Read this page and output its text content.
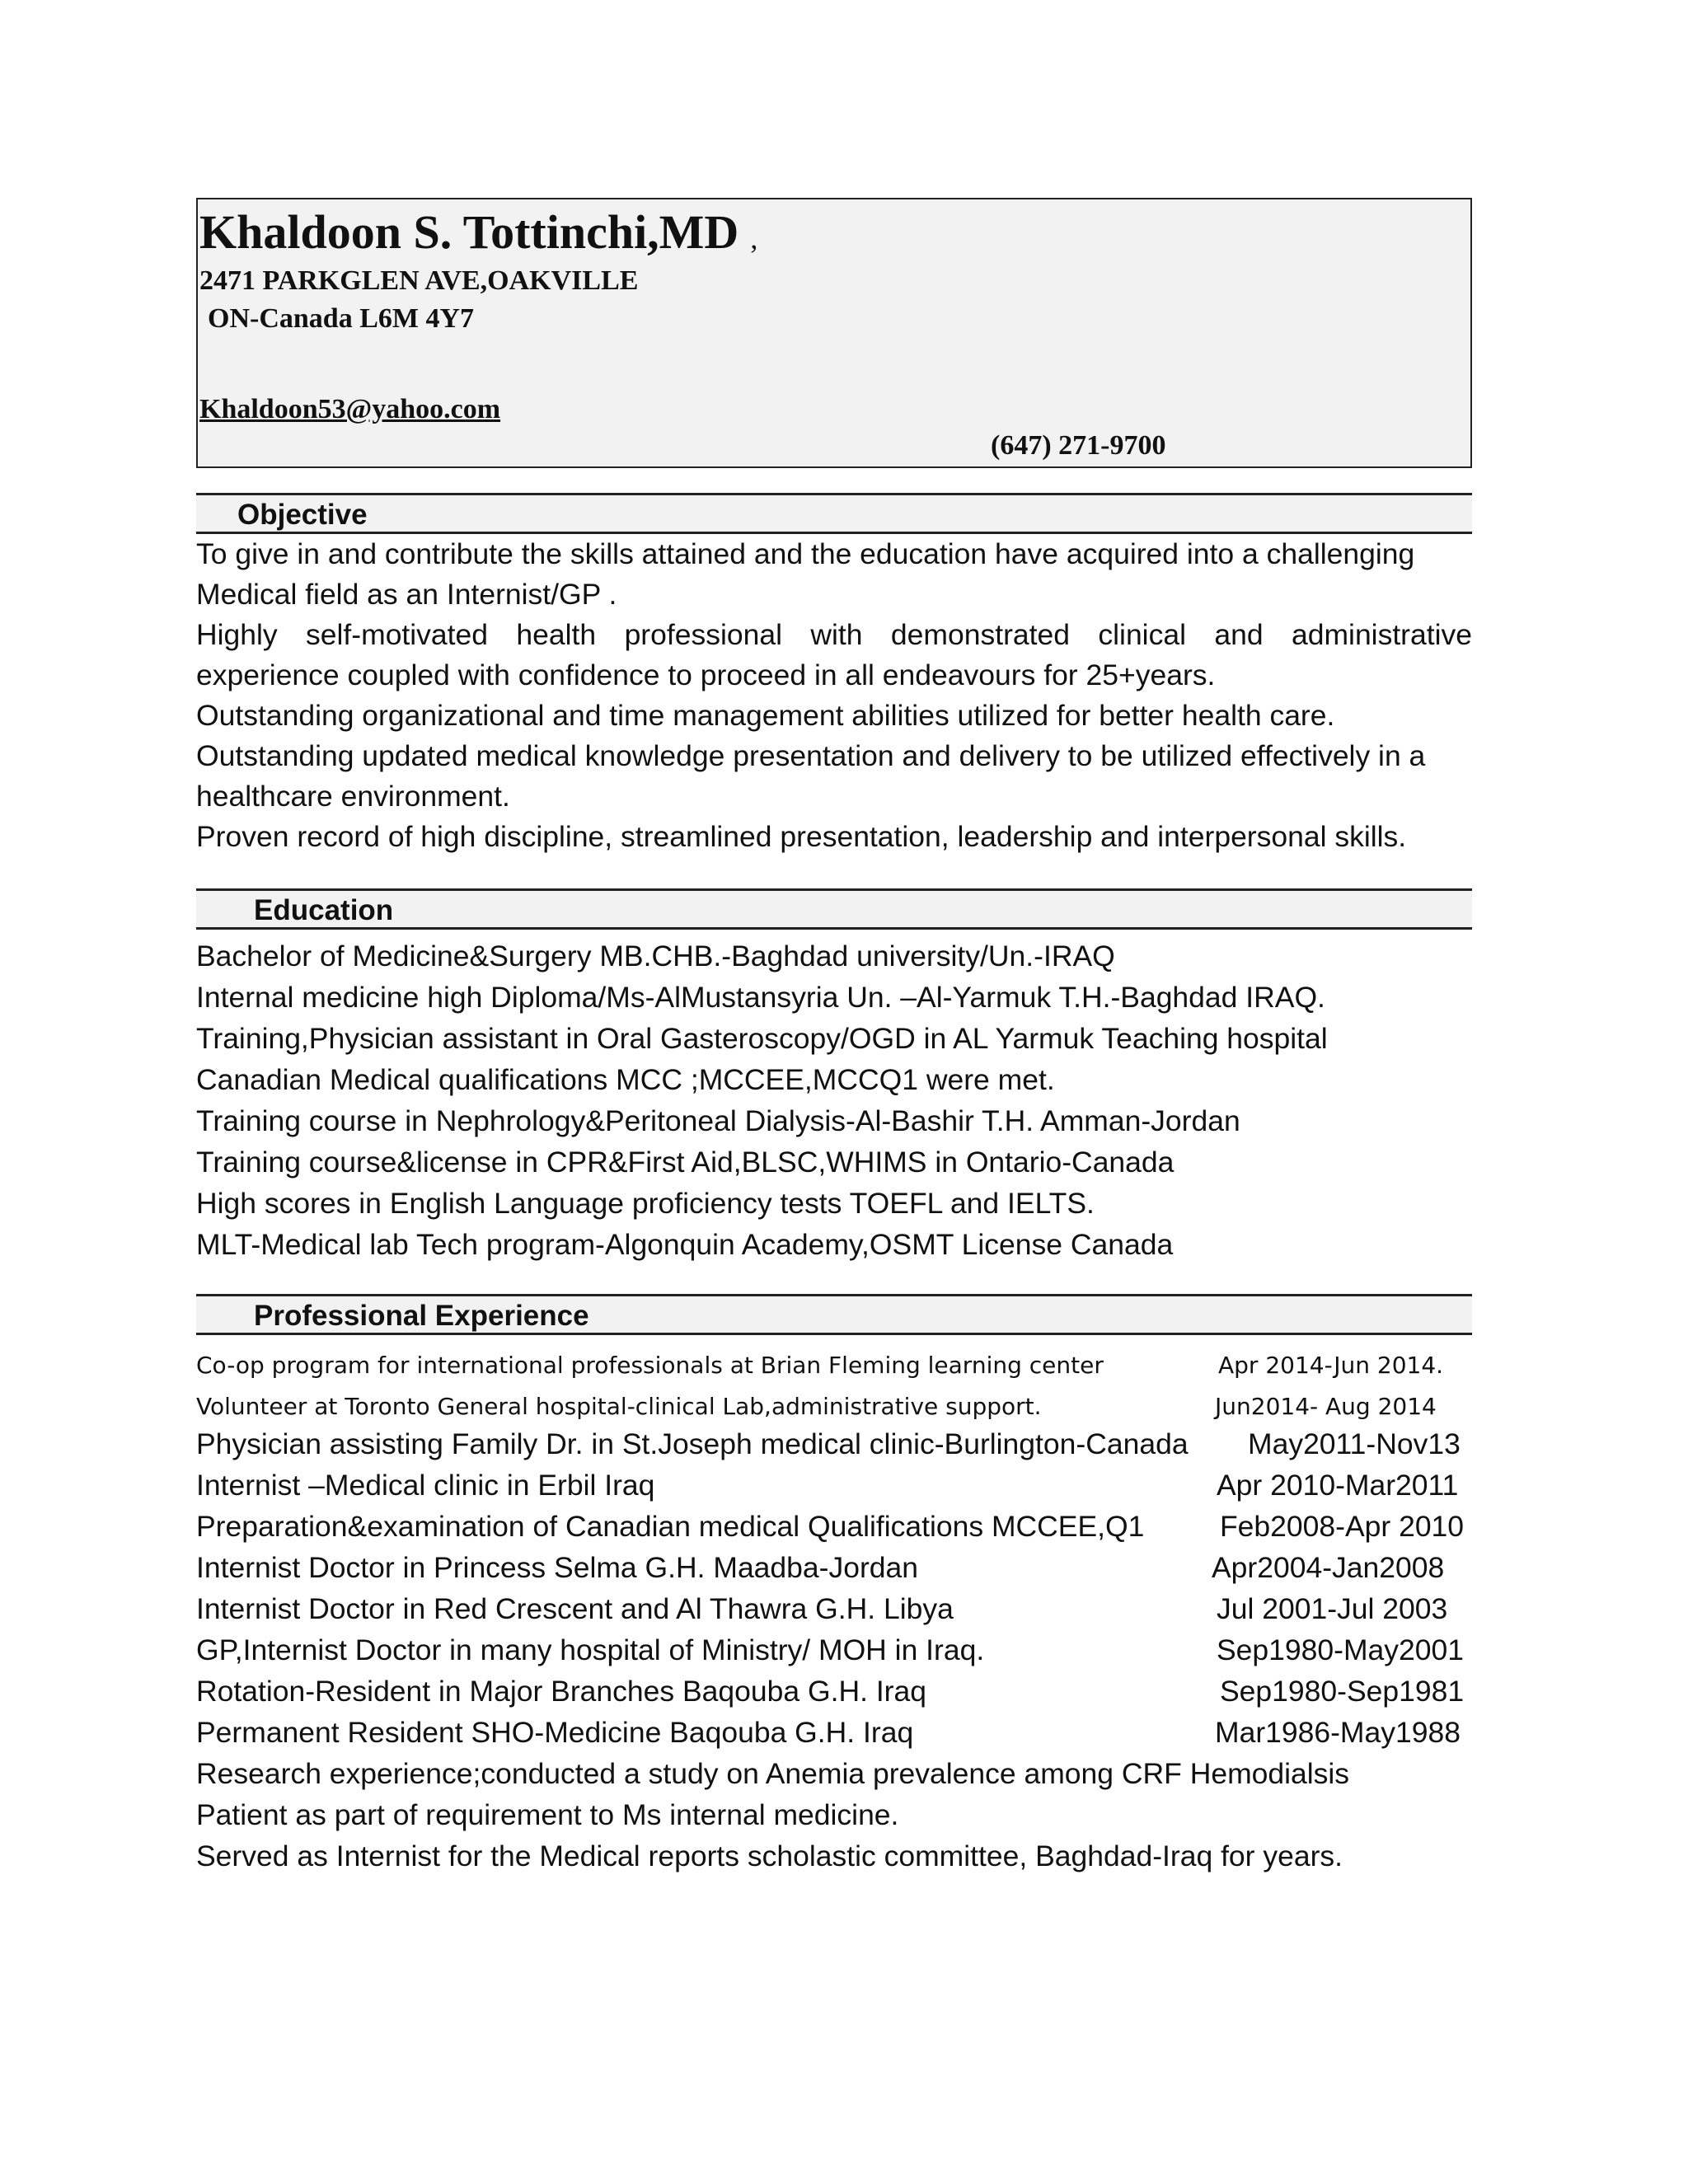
Khaldoon S. Tottinchi,MD ,
2471 PARKGLEN AVE,OAKVILLE
ON-Canada L6M 4Y7
Khaldoon53@yahoo.com
(647) 271-9700
Objective
To give in and contribute the skills attained and the education have acquired into a challenging
Medical field as an Internist/GP .
Highly self-motivated health professional with demonstrated clinical and administrative
experience coupled with confidence to proceed in all endeavours for 25+years.
Outstanding organizational and time management abilities utilized for better health care.
Outstanding updated medical knowledge presentation and delivery to be utilized effectively in a
healthcare environment.
Proven record of high discipline, streamlined presentation, leadership and interpersonal skills.
Education
Bachelor of Medicine&Surgery MB.CHB.-Baghdad university/Un.-IRAQ
Internal medicine high Diploma/Ms-AlMustansyria Un. –Al-Yarmuk T.H.-Baghdad IRAQ.
Training,Physician assistant in Oral Gasteroscopy/OGD in AL Yarmuk Teaching hospital
Canadian Medical qualifications MCC ;MCCEE,MCCQ1 were met.
Training course in Nephrology&Peritoneal Dialysis-Al-Bashir T.H. Amman-Jordan
Training course&license in CPR&First Aid,BLSC,WHIMS in Ontario-Canada
High scores in English Language proficiency tests TOEFL and IELTS.
MLT-Medical lab Tech program-Algonquin Academy,OSMT License Canada
Professional Experience
Co-op program for international professionals at Brian Fleming learning center	Apr 2014-Jun 2014.
Volunteer at Toronto General hospital-clinical Lab,administrative support.	Jun2014- Aug 2014
Physician assisting Family Dr. in St.Joseph medical clinic-Burlington-Canada May2011-Nov13
Internist –Medical clinic in Erbil Iraq	Apr 2010-Mar2011
Preparation&examination of Canadian medical Qualifications MCCEE,Q1	Feb2008-Apr 2010
Internist Doctor in Princess Selma G.H. Maadba-Jordan	Apr2004-Jan2008
Internist Doctor in Red Crescent and Al Thawra G.H. Libya	Jul 2001-Jul 2003
GP,Internist Doctor in many hospital of Ministry/ MOH in Iraq.	Sep1980-May2001
Rotation-Resident in Major Branches Baqouba G.H. Iraq	Sep1980-Sep1981
Permanent Resident SHO-Medicine Baqouba G.H. Iraq	Mar1986-May1988
Research experience;conducted a study on Anemia prevalence among CRF Hemodialsis
Patient as part of requirement to Ms internal medicine.
Served as Internist for the Medical reports scholastic committee, Baghdad-Iraq for years.
